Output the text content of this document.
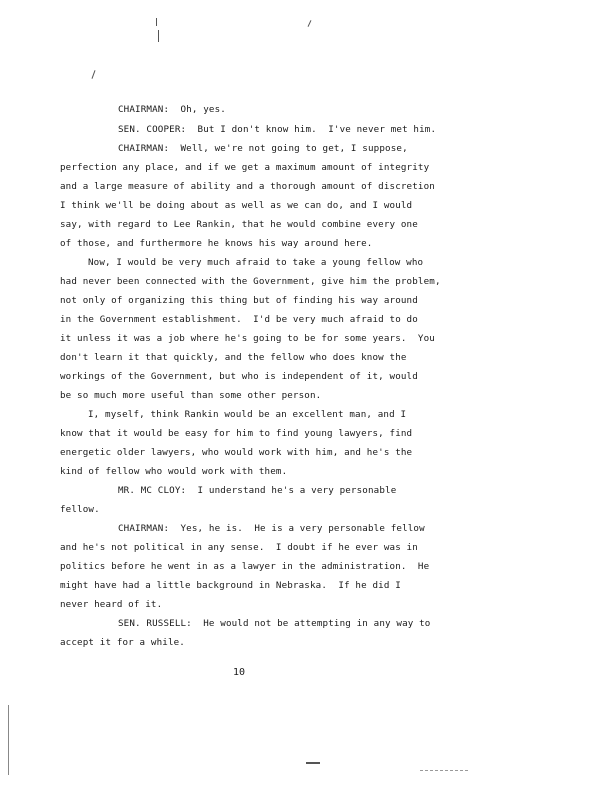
CHAIRMAN:  Oh, yes.
SEN. COOPER:  But I don't know him.  I've never met him.
CHAIRMAN:  Well, we're not going to get, I suppose,
perfection any place, and if we get a maximum amount of integrity
and a large measure of ability and a thorough amount of discretion
I think we'll be doing about as well as we can do, and I would
say, with regard to Lee Rankin, that he would combine every one
of those, and furthermore he knows his way around here.
Now, I would be very much afraid to take a young fellow who
had never been connected with the Government, give him the problem,
not only of organizing this thing but of finding his way around
in the Government establishment.  I'd be very much afraid to do
it unless it was a job where he's going to be for some years.  You
don't learn it that quickly, and the fellow who does know the
workings of the Government, but who is independent of it, would
be so much more useful than some other person.
I, myself, think Rankin would be an excellent man, and I
know that it would be easy for him to find young lawyers, find
energetic older lawyers, who would work with him, and he's the
kind of fellow who would work with them.
MR. MC CLOY:  I understand he's a very personable
fellow.
CHAIRMAN:  Yes, he is.  He is a very personable fellow
and he's not political in any sense.  I doubt if he ever was in
politics before he went in as a lawyer in the administration.  He
might have had a little background in Nebraska.  If he did I
never heard of it.
SEN. RUSSELL:  He would not be attempting in any way to
accept it for a while.
10
